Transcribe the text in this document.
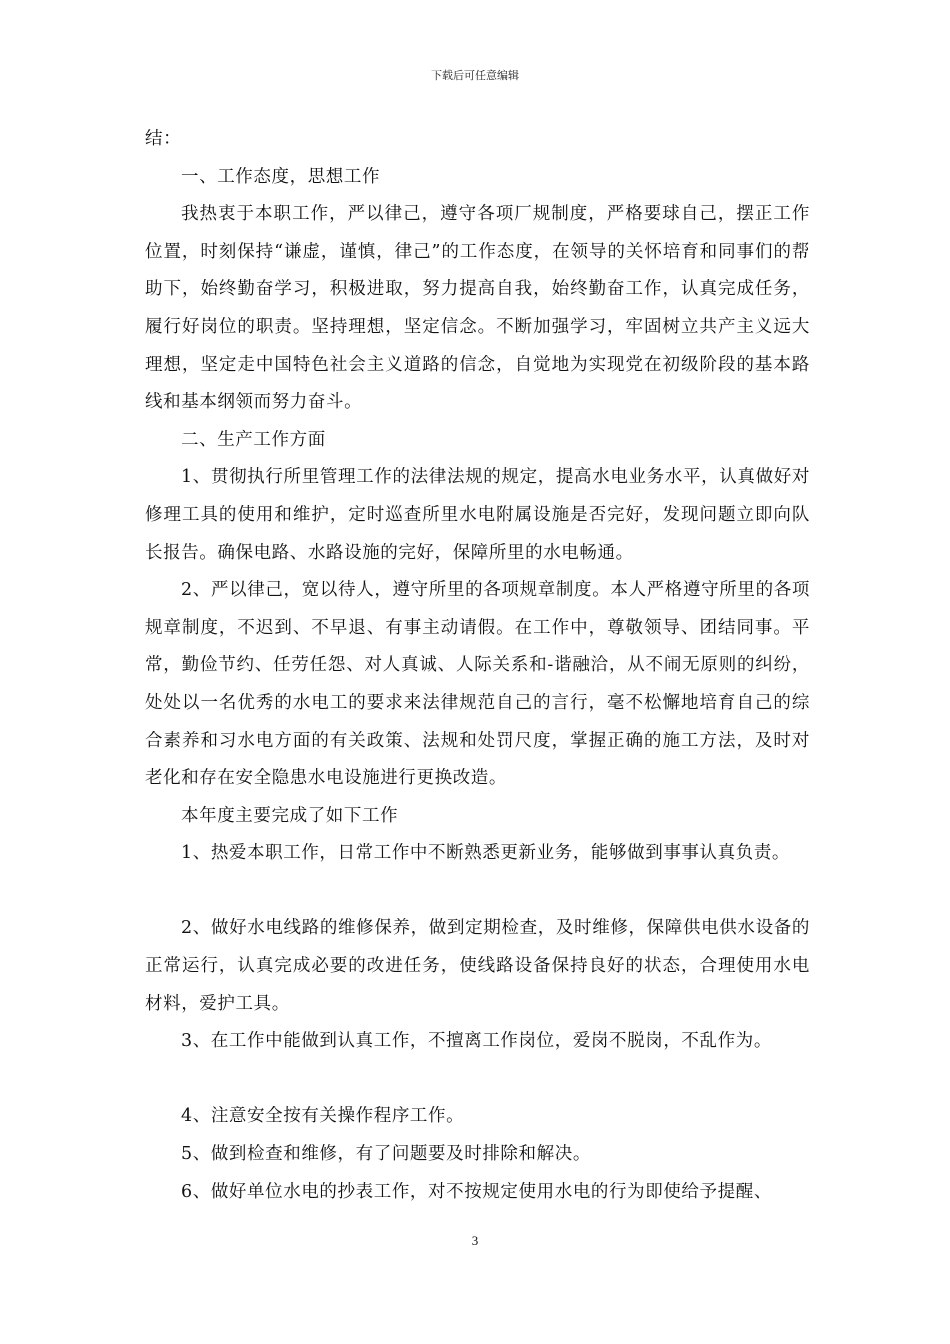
下载后可任意编辑

结：

一、工作态度，思想工作

我热衷于本职工作，严以律己，遵守各项厂规制度，严格要球自己，摆正工作位置，时刻保持“谦虚，谨慎，律己”的工作态度，在领导的关怀培育和同事们的帮助下，始终勤奋学习，积极进取，努力提高自我，始终勤奋工作，认真完成任务，履行好岗位的职责。坚持理想，坚定信念。不断加强学习，牢固树立共产主义远大理想，坚定走中国特色社会主义道路的信念，自觉地为实现党在初级阶段的基本路线和基本纲领而努力奋斗。

二、生产工作方面

1、贯彻执行所里管理工作的法律法规的规定，提高水电业务水平，认真做好对修理工具的使用和维护，定时巡查所里水电附属设施是否完好，发现问题立即向队长报告。确保电路、水路设施的完好，保障所里的水电畅通。

2、严以律己，宽以待人，遵守所里的各项规章制度。本人严格遵守所里的各项规章制度，不迟到、不早退、有事主动请假。在工作中，尊敬领导、团结同事。平常，勤俭节约、任劳任怨、对人真诚、人际关系和-谐融洽，从不闹无原则的纠纷，处处以一名优秀的水电工的要求来法律规范自己的言行，毫不松懈地培育自己的综合素养和习水电方面的有关政策、法规和处罚尺度，掌握正确的施工方法，及时对老化和存在安全隐患水电设施进行更换改造。

本年度主要完成了如下工作

1、热爱本职工作，日常工作中不断熟悉更新业务，能够做到事事认真负责。

2、做好水电线路的维修保养，做到定期检查，及时维修，保障供电供水设备的正常运行，认真完成必要的改进任务，使线路设备保持良好的状态，合理使用水电材料，爱护工具。

3、在工作中能做到认真工作，不擅离工作岗位，爱岗不脱岗，不乱作为。

4、注意安全按有关操作程序工作。

5、做到检查和维修，有了问题要及时排除和解决。

6、做好单位水电的抄表工作，对不按规定使用水电的行为即使给予提醒、

3
